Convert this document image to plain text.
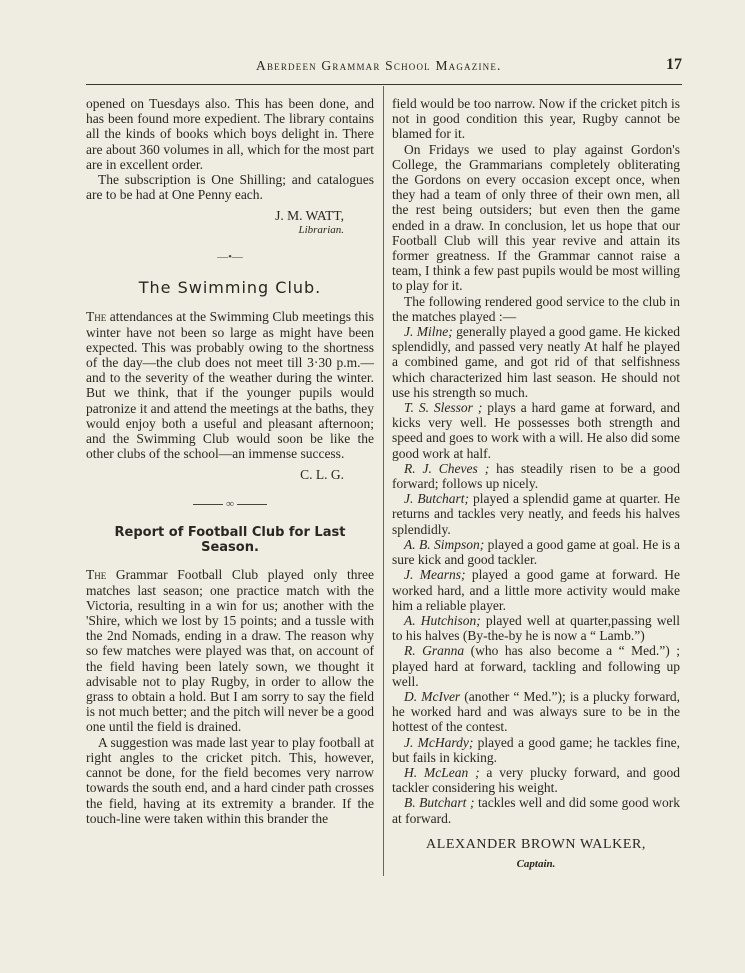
Aberdeen Grammar School Magazine.	17

opened on Tuesdays also. This has been done, and has been found more expedient. The library contains all the kinds of books which boys delight in. There are about 360 volumes in all, which for the most part are in excellent order.

The subscription is One Shilling; and catalogues are to be had at One Penny each.

J. M. WATT,
Librarian.
—•—
The Swimming Club.

The attendances at the Swimming Club meetings this winter have not been so large as might have been expected. This was probably owing to the shortness of the day—the club does not meet till 3·30 p.m.—and to the severity of the weather during the winter. But we think, that if the younger pupils would patronize it and attend the meetings at the baths, they would enjoy both a useful and pleasant afternoon; and the Swimming Club would soon be like the other clubs of the school—an immense success.

C. L. G.
∞
Report of Football Club for Last Season.

The Grammar Football Club played only three matches last season; one practice match with the Victoria, resulting in a win for us; another with the 'Shire, which we lost by 15 points; and a tussle with the 2nd Nomads, ending in a draw. The reason why so few matches were played was that, on account of the field having been lately sown, we thought it advisable not to play Rugby, in order to allow the grass to obtain a hold. But I am sorry to say the field is not much better; and the pitch will never be a good one until the field is drained.

A suggestion was made last year to play football at right angles to the cricket pitch. This, however, cannot be done, for the field becomes very narrow towards the south end, and a hard cinder path crosses the field, having at its extremity a brander. If the touch-line were taken within this brander the

field would be too narrow. Now if the cricket pitch is not in good condition this year, Rugby cannot be blamed for it.

On Fridays we used to play against Gordon's College, the Grammarians completely obliterating the Gordons on every occasion except once, when they had a team of only three of their own men, all the rest being outsiders; but even then the game ended in a draw. In conclusion, let us hope that our Football Club will this year revive and attain its former greatness. If the Grammar cannot raise a team, I think a few past pupils would be most willing to play for it.

The following rendered good service to the club in the matches played :—

J. Milne; generally played a good game. He kicked splendidly, and passed very neatly At half he played a combined game, and got rid of that selfishness which characterized him last season. He should not use his strength so much.

T. S. Slessor ; plays a hard game at forward, and kicks very well. He possesses both strength and speed and goes to work with a will. He also did some good work at half.

R. J. Cheves ; has steadily risen to be a good forward; follows up nicely.

J. Butchart; played a splendid game at quarter. He returns and tackles very neatly, and feeds his halves splendidly.

A. B. Simpson; played a good game at goal. He is a sure kick and good tackler.

J. Mearns; played a good game at forward. He worked hard, and a little more activity would make him a reliable player.

A. Hutchison; played well at quarter,passing well to his halves (By-the-by he is now a “ Lamb.”)

R. Granna (who has also become a “ Med.”) ; played hard at forward, tackling and following up well.

D. McIver (another “ Med.”); is a plucky forward, he worked hard and was always sure to be in the hottest of the contest.

J. McHardy; played a good game; he tackles fine, but fails in kicking.

H. McLean ; a very plucky forward, and good tackler considering his weight.

B. Butchart ; tackles well and did some good work at forward.

ALEXANDER BROWN WALKER,
Captain.
